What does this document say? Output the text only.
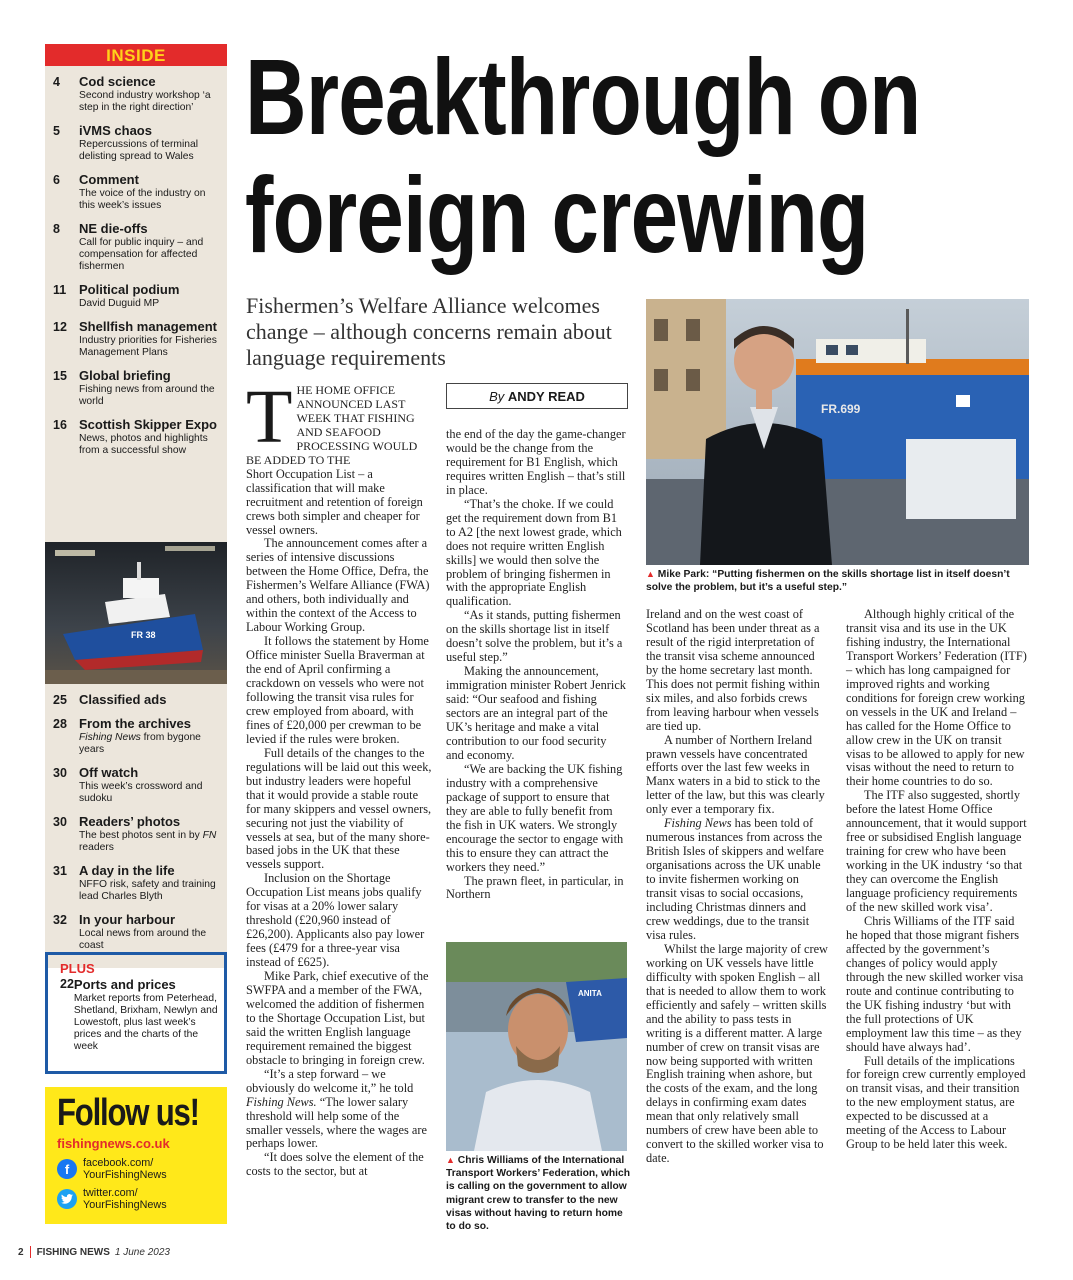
INSIDE
4	Cod science
Second industry workshop ‘a step in the right direction’
5	iVMS chaos
Repercussions of terminal delisting spread to Wales
6	Comment
The voice of the industry on this week’s issues
8	NE die-offs
Call for public inquiry – and compensation for affected fishermen
11 Political podium
David Duguid MP
12 Shellfish management
Industry priorities for Fisheries Management Plans
15 Global briefing
Fishing news from around the world
16 Scottish Skipper Expo
News, photos and highlights from a successful show
FR 38
25 Classified ads
28 From the archives
Fishing News from bygone years
30 Off watch
This week’s crossword and sudoku
30 Readers’ photos
The best photos sent in by FN readers
31 A day in the life
NFFO risk, safety and training lead Charles Blyth
32 In your harbour
Local news from around the coast
PLUS
22 Ports and prices
Market reports from Peterhead, Shetland, Brixham, Newlyn and Lowestoft, plus last week’s prices and the charts of the week
Follow us!
fishingnews.co.uk
f	facebook.com/
YourFishingNews
twitter.com/
YourFishingNews
Breakthrough on
foreign crewing
Fishermen’s Welfare Alliance welcomes change – although concerns remain about language requirements
By ANDY READ

THE HOME OFFICE ANNOUNCED LAST WEEK THAT FISHING AND SEAFOOD PROCESSING WOULD BE ADDED TO THE

Short Occupation List – a classification that will make recruitment and retention of foreign crews both simpler and cheaper for vessel owners.

The announcement comes after a series of intensive discussions between the Home Office, Defra, the Fishermen’s Welfare Alliance (FWA) and others, both individually and within the context of the Access to Labour Working Group.

It follows the statement by Home Office minister Suella Braverman at the end of April confirming a crackdown on vessels who were not following the transit visa rules for crew employed from aboard, with fines of £20,000 per crewman to be levied if the rules were broken.

Full details of the changes to the regulations will be laid out this week, but industry leaders were hopeful that it would provide a stable route for many skippers and vessel owners, securing not just the viability of vessels at sea, but of the many shore-based jobs in the UK that these vessels support.

Inclusion on the Shortage Occupation List means jobs qualify for visas at a 20% lower salary threshold (£20,960 instead of £26,200). Applicants also pay lower fees (£479 for a three-year visa instead of £625).

Mike Park, chief executive of the SWFPA and a member of the FWA, welcomed the addition of fishermen to the Shortage Occupation List, but said the written English language requirement remained the biggest obstacle to bringing in foreign crew.

“It’s a step forward – we obviously do welcome it,” he told Fishing News. “The lower salary threshold will help some of the smaller vessels, where the wages are perhaps lower.

“It does solve the element of the costs to the sector, but at

the end of the day the game-changer would be the change from the requirement for B1 English, which requires written English – that’s still in place.

“That’s the choke. If we could get the requirement down from B1 to A2 [the next lowest grade, which does not require written English skills] we would then solve the problem of bringing fishermen in with the appropriate English qualification.

“As it stands, putting fishermen on the skills shortage list in itself doesn’t solve the problem, but it’s a useful step.”

Making the announcement, immigration minister Robert Jenrick said: “Our seafood and fishing sectors are an integral part of the UK’s heritage and make a vital contribution to our food security and economy.

“We are backing the UK fishing industry with a comprehensive package of support to ensure that they are able to fully benefit from the fish in UK waters. We strongly encourage the sector to engage with this to ensure they can attract the workers they need.”

The prawn fleet, in particular, in Northern

Ireland and on the west coast of Scotland has been under threat as a result of the rigid interpretation of the transit visa scheme announced by the home secretary last month. This does not permit fishing within six miles, and also forbids crews from leaving harbour when vessels are tied up.

A number of Northern Ireland prawn vessels have concentrated efforts over the last few weeks in Manx waters in a bid to stick to the letter of the law, but this was clearly only ever a temporary fix.

Fishing News has been told of numerous instances from across the British Isles of skippers and welfare organisations across the UK unable to invite fishermen working on transit visas to social occasions, including Christmas dinners and crew weddings, due to the transit visa rules.

Whilst the large majority of crew working on UK vessels have little difficulty with spoken English – all that is needed to allow them to work efficiently and safely – written skills and the ability to pass tests in writing is a different matter. A large number of crew on transit visas are now being supported with written English training when ashore, but the costs of the exam, and the long delays in confirming exam dates mean that only relatively small numbers of crew have been able to convert to the skilled worker visa to date.

Although highly critical of the transit visa and its use in the UK fishing industry, the International Transport Workers’ Federation (ITF) – which has long campaigned for improved rights and working conditions for foreign crew working on vessels in the UK and Ireland – has called for the Home Office to allow crew in the UK on transit visas to be allowed to apply for new visas without the need to return to their home countries to do so.

The ITF also suggested, shortly before the latest Home Office announcement, that it would support free or subsidised English language training for crew who have been working in the UK industry ‘so that they can overcome the English language proficiency requirements of the new skilled work visa’.

Chris Williams of the ITF said he hoped that those migrant fishers affected by the government’s changes of policy would apply through the new skilled worker visa route and continue contributing to the UK fishing industry ‘but with the full protections of UK employment law this time – as they should have always had’.

Full details of the implications for foreign crew currently employed on transit visas, and their transition to the new employment status, are expected to be discussed at a meeting of the Access to Labour Group to be held later this week.

FR.699
▲ Mike Park: “Putting fishermen on the skills shortage list in itself doesn’t solve the problem, but it’s a useful step.”
ANITA
▲ Chris Williams of the International Transport Workers’ Federation, which is calling on the government to allow migrant crew to transfer to the new visas without having to return home to do so.
2 FISHING NEWS 1 June 2023
